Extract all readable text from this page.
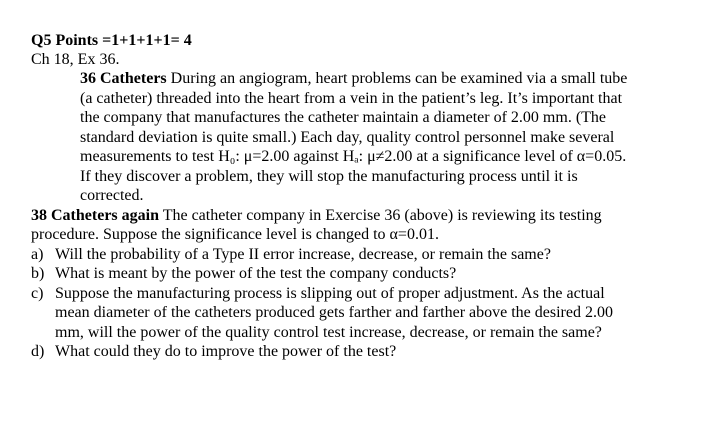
Q5 Points =1+1+1+1= 4
Ch 18, Ex 36.
36 Catheters During an angiogram, heart problems can be examined via a small tube
(a catheter) threaded into the heart from a vein in the patient’s leg. It’s important that
the company that manufactures the catheter maintain a diameter of 2.00 mm. (The
standard deviation is quite small.) Each day, quality control personnel make several
measurements to test H₀: μ=2.00 against Hₐ: μ≠2.00 at a significance level of α=0.05.
If they discover a problem, they will stop the manufacturing process until it is
corrected.
38 Catheters again The catheter company in Exercise 36 (above) is reviewing its testing
procedure. Suppose the significance level is changed to α=0.01.
a) Will the probability of a Type II error increase, decrease, or remain the same?
b) What is meant by the power of the test the company conducts?
c) Suppose the manufacturing process is slipping out of proper adjustment. As the actual
mean diameter of the catheters produced gets farther and farther above the desired 2.00
mm, will the power of the quality control test increase, decrease, or remain the same?
d) What could they do to improve the power of the test?
